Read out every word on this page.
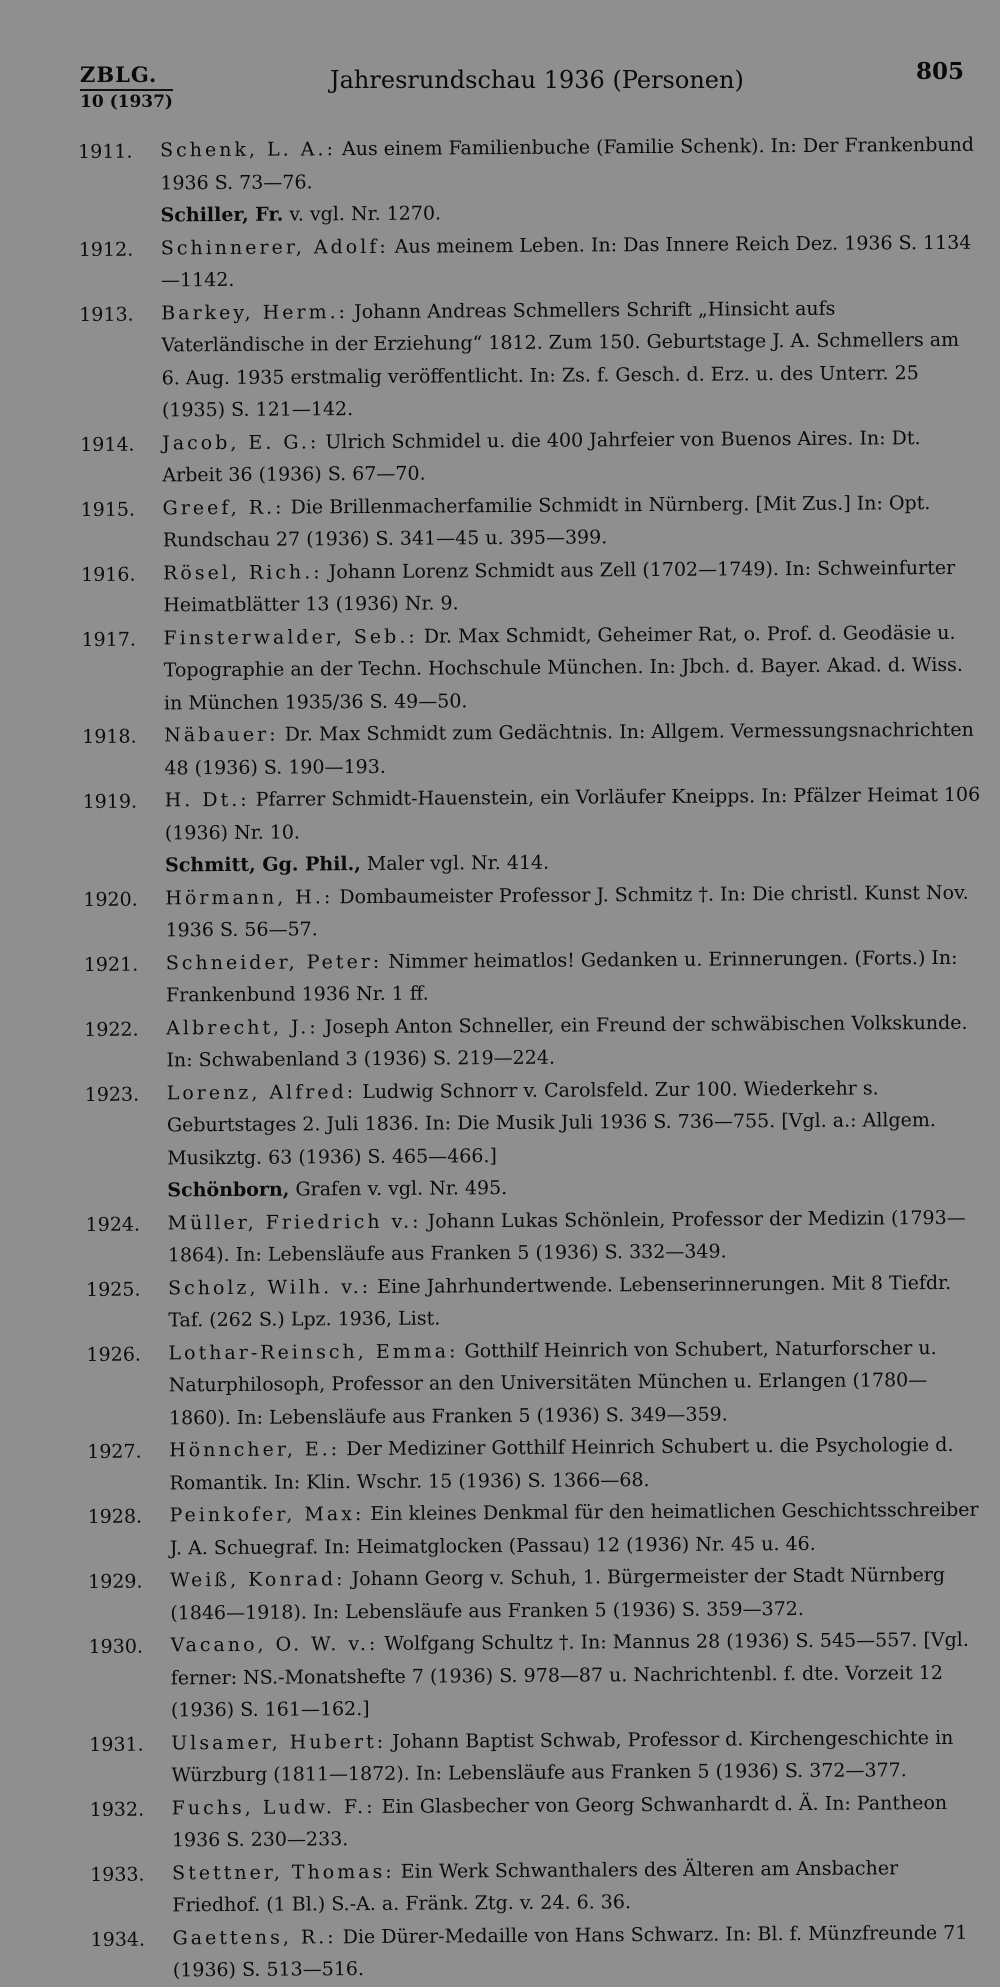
ZBLG.
10 (1937)
Jahresrundschau 1936 (Personen)	805
1911.	Schenk, L. A.: Aus einem Familienbuche (Familie Schenk). In: Der Frankenbund 1936 S. 73—76.
Schiller, Fr. v. vgl. Nr. 1270.
1912.	Schinnerer, Adolf: Aus meinem Leben. In: Das Innere Reich Dez. 1936 S. 1134—1142.
1913.	Barkey, Herm.: Johann Andreas Schmellers Schrift „Hinsicht aufs Vaterländische in der Erziehung“ 1812. Zum 150. Geburtstage J. A. Schmellers am 6. Aug. 1935 erstmalig veröffentlicht. In: Zs. f. Gesch. d. Erz. u. des Unterr. 25 (1935) S. 121—142.
1914.	Jacob, E. G.: Ulrich Schmidel u. die 400 Jahrfeier von Buenos Aires. In: Dt. Arbeit 36 (1936) S. 67—70.
1915.	Greef, R.: Die Brillenmacherfamilie Schmidt in Nürnberg. [Mit Zus.] In: Opt. Rundschau 27 (1936) S. 341—45 u. 395—399.
1916.	Rösel, Rich.: Johann Lorenz Schmidt aus Zell (1702—1749). In: Schweinfurter Heimatblätter 13 (1936) Nr. 9.
1917.	Finsterwalder, Seb.: Dr. Max Schmidt, Geheimer Rat, o. Prof. d. Geodäsie u. Topographie an der Techn. Hochschule München. In: Jbch. d. Bayer. Akad. d. Wiss. in München 1935/36 S. 49—50.
1918.	Näbauer: Dr. Max Schmidt zum Gedächtnis. In: Allgem. Vermessungsnachrichten 48 (1936) S. 190—193.
1919.	H. Dt.: Pfarrer Schmidt-Hauenstein, ein Vorläufer Kneipps. In: Pfälzer Heimat 106 (1936) Nr. 10.
Schmitt, Gg. Phil., Maler vgl. Nr. 414.
1920.	Hörmann, H.: Dombaumeister Professor J. Schmitz †. In: Die christl. Kunst Nov. 1936 S. 56—57.
1921.	Schneider, Peter: Nimmer heimatlos! Gedanken u. Erinnerungen. (Forts.) In: Frankenbund 1936 Nr. 1 ff.
1922.	Albrecht, J.: Joseph Anton Schneller, ein Freund der schwäbischen Volkskunde. In: Schwabenland 3 (1936) S. 219—224.
1923.	Lorenz, Alfred: Ludwig Schnorr v. Carolsfeld. Zur 100. Wiederkehr s. Geburtstages 2. Juli 1836. In: Die Musik Juli 1936 S. 736—755. [Vgl. a.: Allgem. Musikztg. 63 (1936) S. 465—466.]
Schönborn, Grafen v. vgl. Nr. 495.
1924.	Müller, Friedrich v.: Johann Lukas Schönlein, Professor der Medizin (1793—1864). In: Lebensläufe aus Franken 5 (1936) S. 332—349.
1925.	Scholz, Wilh. v.: Eine Jahrhundertwende. Lebenserinnerungen. Mit 8 Tiefdr. Taf. (262 S.) Lpz. 1936, List.
1926.	Lothar-Reinsch, Emma: Gotthilf Heinrich von Schubert, Naturforscher u. Naturphilosoph, Professor an den Universitäten München u. Erlangen (1780—1860). In: Lebensläufe aus Franken 5 (1936) S. 349—359.
1927.	Hönncher, E.: Der Mediziner Gotthilf Heinrich Schubert u. die Psychologie d. Romantik. In: Klin. Wschr. 15 (1936) S. 1366—68.
1928.	Peinkofer, Max: Ein kleines Denkmal für den heimatlichen Geschichtsschreiber J. A. Schuegraf. In: Heimatglocken (Passau) 12 (1936) Nr. 45 u. 46.
1929.	Weiß, Konrad: Johann Georg v. Schuh, 1. Bürgermeister der Stadt Nürnberg (1846—1918). In: Lebensläufe aus Franken 5 (1936) S. 359—372.
1930.	Vacano, O. W. v.: Wolfgang Schultz †. In: Mannus 28 (1936) S. 545—557. [Vgl. ferner: NS.-Monatshefte 7 (1936) S. 978—87 u. Nachrichtenbl. f. dte. Vorzeit 12 (1936) S. 161—162.]
1931.	Ulsamer, Hubert: Johann Baptist Schwab, Professor d. Kirchengeschichte in Würzburg (1811—1872). In: Lebensläufe aus Franken 5 (1936) S. 372—377.
1932.	Fuchs, Ludw. F.: Ein Glasbecher von Georg Schwanhardt d. Ä. In: Pantheon 1936 S. 230—233.
1933.	Stettner, Thomas: Ein Werk Schwanthalers des Älteren am Ansbacher Friedhof. (1 Bl.) S.-A. a. Fränk. Ztg. v. 24. 6. 36.
1934.	Gaettens, R.: Die Dürer-Medaille von Hans Schwarz. In: Bl. f. Münzfreunde 71 (1936) S. 513—516.
